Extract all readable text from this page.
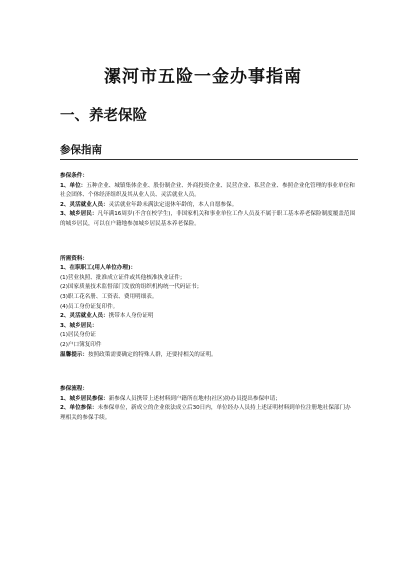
漯河市五险一金办事指南
一、养老保险
参保指南
参保条件：
1、单位：五种企业、城镇集体企业、股份制企业、外商投资企业、民营企业、私营企业、参照企业化管理的事业单位和社会团体、个体经济组织及其从业人员、灵活就业人员。
2、灵活就业人员：灵活就业年龄未满法定退休年龄的，本人自愿参保。
3、城乡居民：凡年满16周岁(不含在校学生)，非国家机关和事业单位工作人员及不属于职工基本养老保险制度覆盖范围的城乡居民，可以在户籍地参加城乡居民基本养老保险。
所需资料：
1、在职职工(用人单位办理)：
(1)营业执照、批准成立证件或其他核准执业证件；
(2)国家质量技术监督部门发放的组织机构统一代码证书；
(3)职工花名册、工资表、费用明细表。
(4)员工身份证复印件。
2、灵活就业人员：携带本人身份证明
3、城乡居民：
(1)居民身份证
(2)户口簿复印件
温馨提示：按照政策需要确定的特殊人群，还要持相关的证明。
参保流程：
1、城乡居民参保：新参保人员携带上述材料到户籍所在地村(社区)协办员提出参保申请；
2、单位参保：未参保单位，新成立的企业依法成立后30日内，单位经办人员持上述证明材料到单位注册地社保部门办理相关的参保手续。
